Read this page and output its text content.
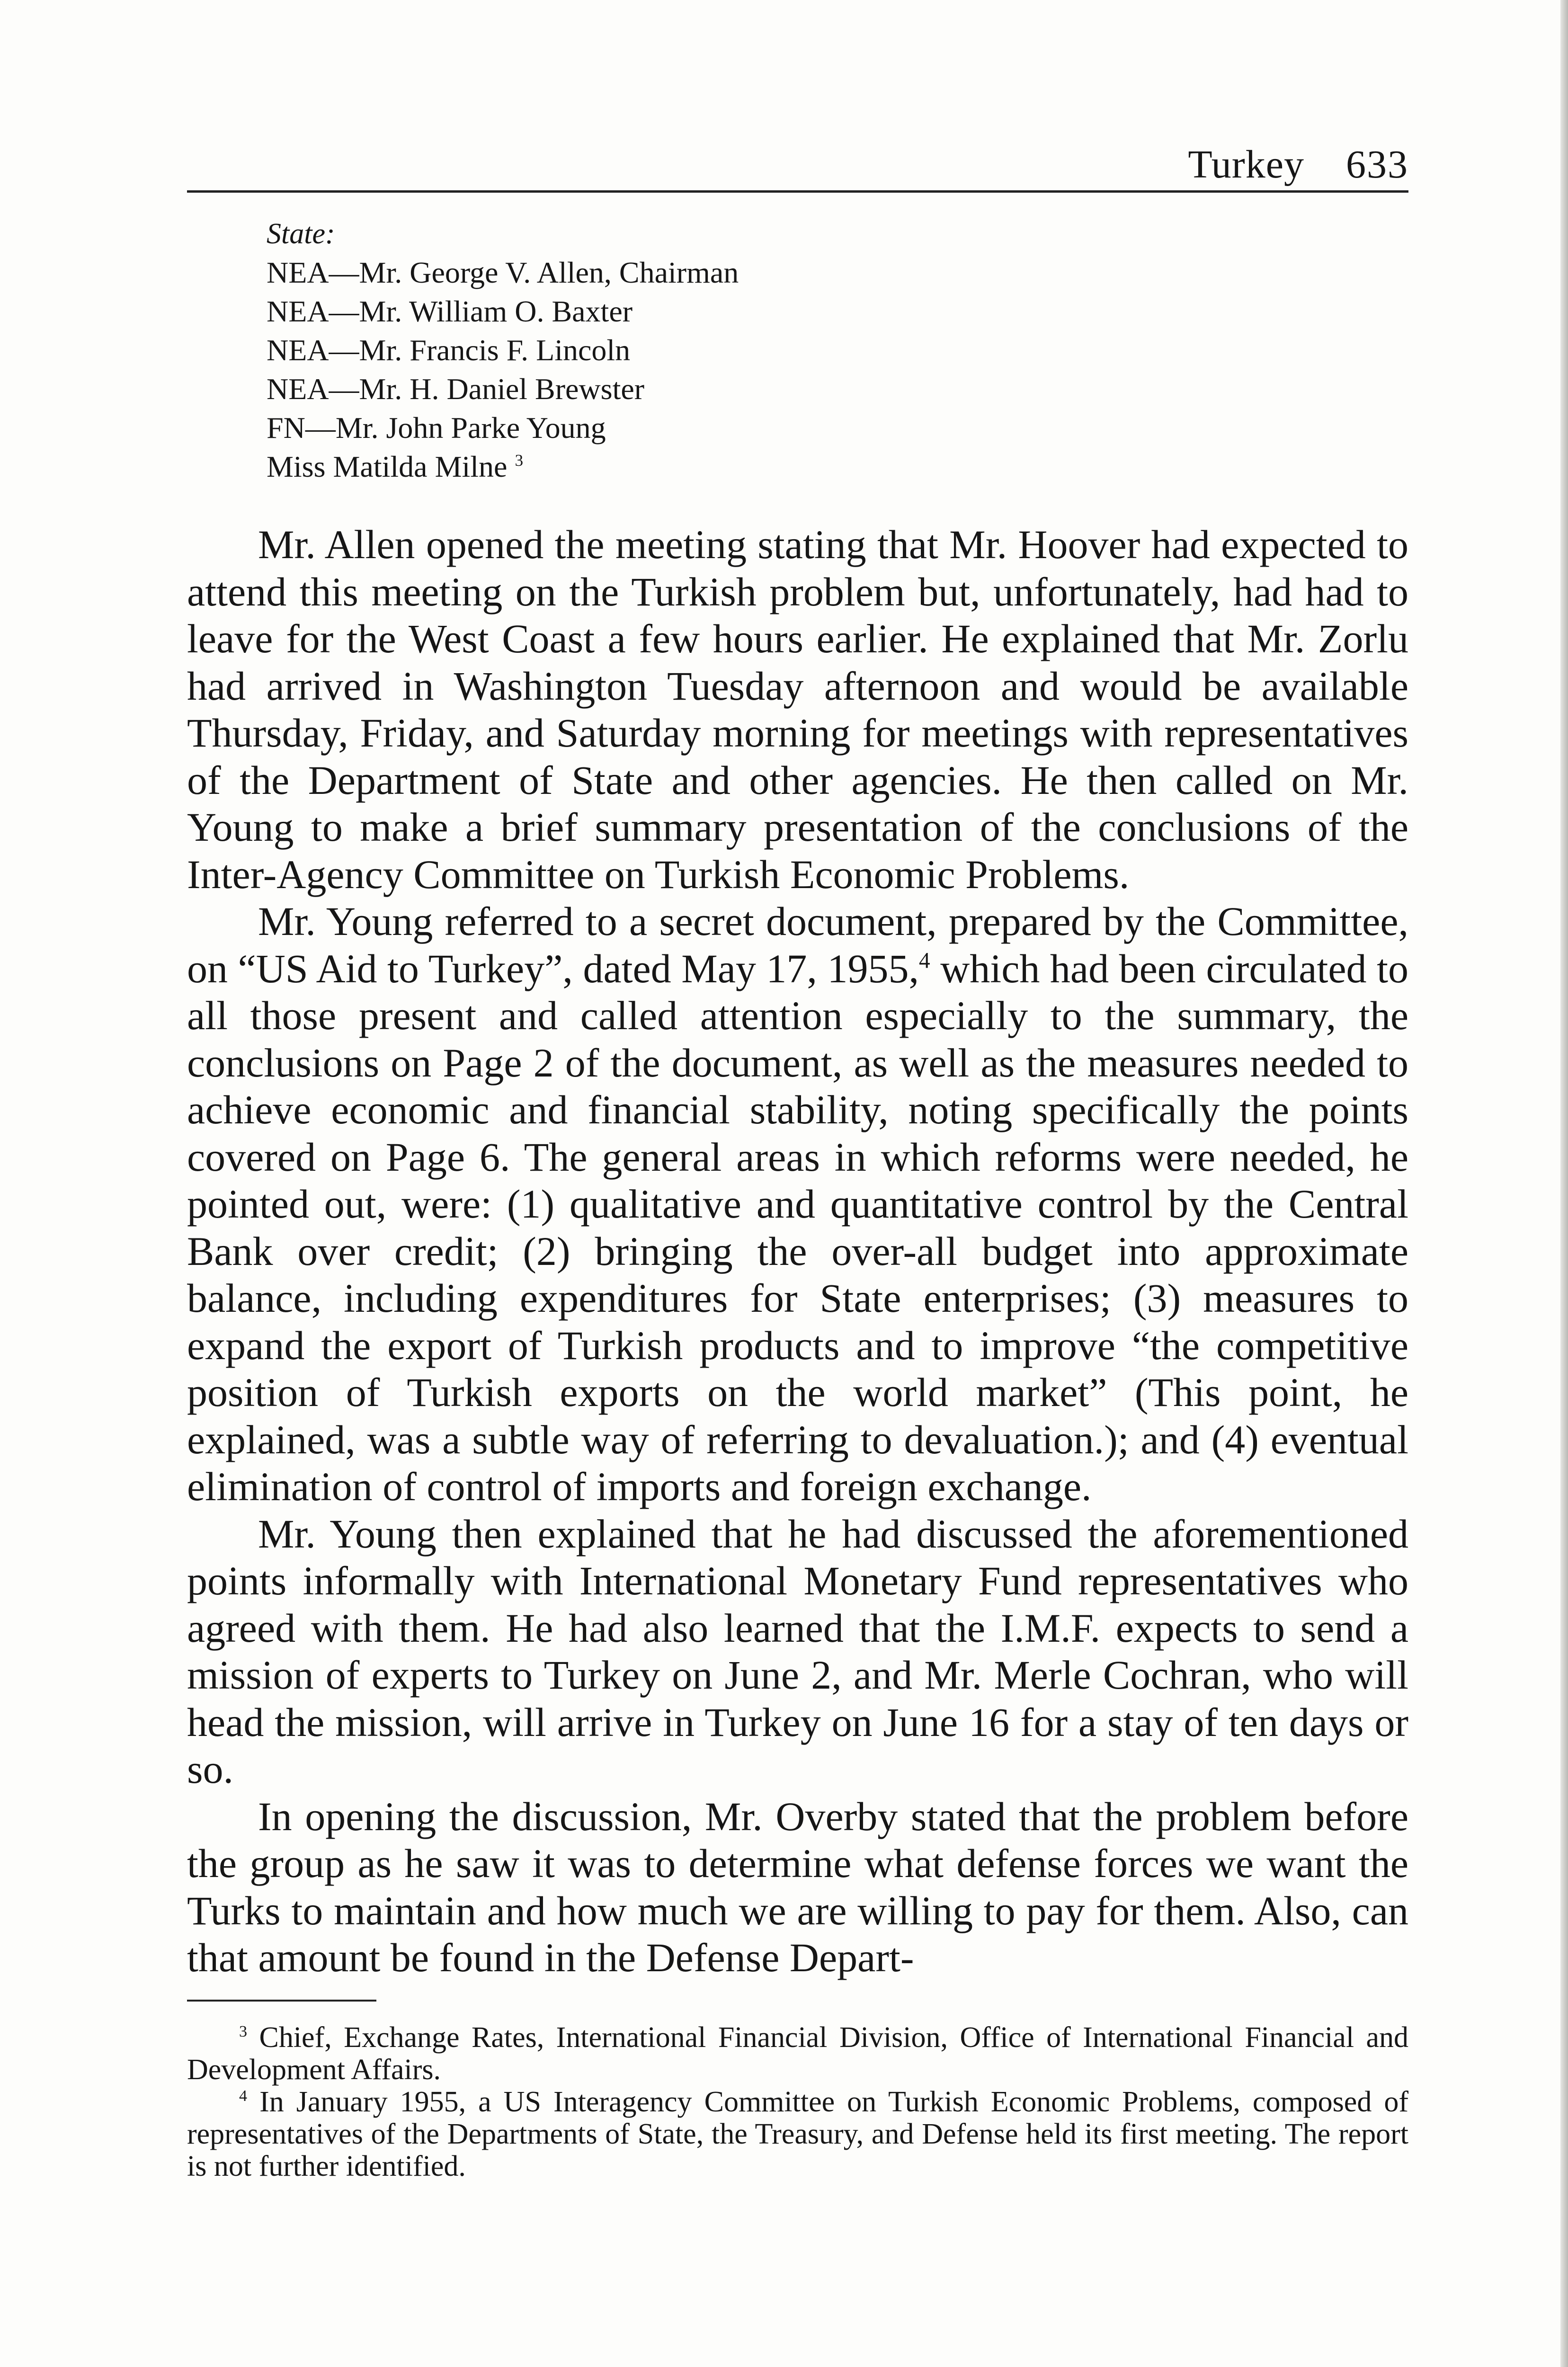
Turkey 633
State:
NEA—Mr. George V. Allen, Chairman
NEA—Mr. William O. Baxter
NEA—Mr. Francis F. Lincoln
NEA—Mr. H. Daniel Brewster
FN—Mr. John Parke Young
Miss Matilda Milne $^3$

Mr. Allen opened the meeting stating that Mr. Hoover had expected to attend this meeting on the Turkish problem but, unfortunately, had had to leave for the West Coast a few hours earlier. He explained that Mr. Zorlu had arrived in Washington Tuesday afternoon and would be available Thursday, Friday, and Saturday morning for meetings with representatives of the Department of State and other agencies. He then called on Mr. Young to make a brief summary presentation of the conclusions of the Inter-Agency Committee on Turkish Economic Problems.

Mr. Young referred to a secret document, prepared by the Committee, on “US Aid to Turkey”, dated May 17, 1955,$^4$ which had been circulated to all those present and called attention especially to the summary, the conclusions on Page 2 of the document, as well as the measures needed to achieve economic and financial stability, noting specifically the points covered on Page 6. The general areas in which reforms were needed, he pointed out, were: (1) qualitative and quantitative control by the Central Bank over credit; (2) bringing the over-all budget into approximate balance, including expenditures for State enterprises; (3) measures to expand the export of Turkish products and to improve “the competitive position of Turkish exports on the world market” (This point, he explained, was a subtle way of referring to devaluation.); and (4) eventual elimination of control of imports and foreign exchange.

Mr. Young then explained that he had discussed the aforementioned points informally with International Monetary Fund representatives who agreed with them. He had also learned that the I.M.F. expects to send a mission of experts to Turkey on June 2, and Mr. Merle Cochran, who will head the mission, will arrive in Turkey on June 16 for a stay of ten days or so.

In opening the discussion, Mr. Overby stated that the problem before the group as he saw it was to determine what defense forces we want the Turks to maintain and how much we are willing to pay for them. Also, can that amount be found in the Defense Depart-

$^3$ Chief, Exchange Rates, International Financial Division, Office of International Financial and Development Affairs.

$^4$ In January 1955, a US Interagency Committee on Turkish Economic Problems, composed of representatives of the Departments of State, the Treasury, and Defense held its first meeting. The report is not further identified.
